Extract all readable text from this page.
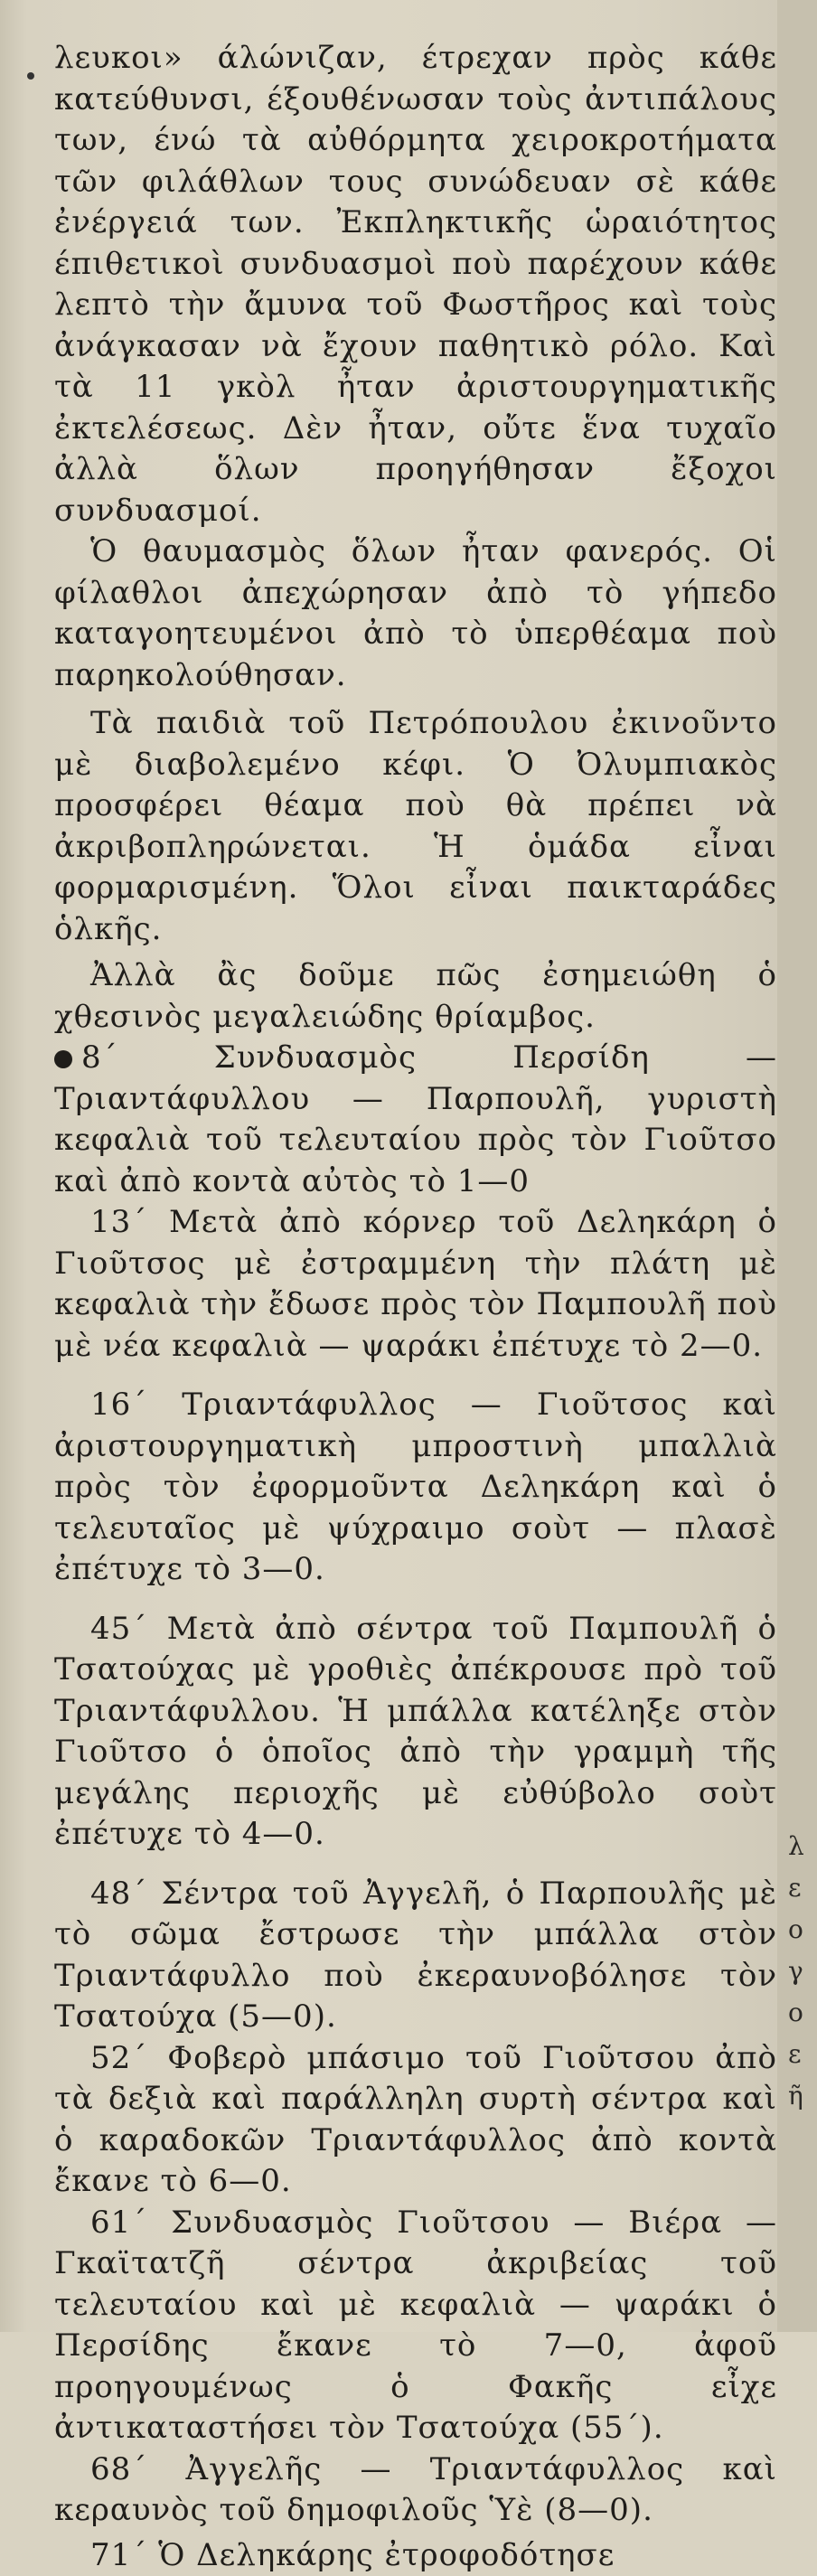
λευκοι» άλώνιζαν, έτρεχαν πρὸς κάθε κατεύθυνσι, έξουθένωσαν τοὺς ἀντιπάλους των, ένώ τὰ αὐθόρμητα χειροκροτήματα τῶν φιλάθλων τους συνώδευαν σὲ κάθε ἐνέργειά των. Ἐκπληκτικῆς ὡραιότητος έπιθετικοὶ συνδυασμοὶ ποὺ παρέχουν κάθε λεπτὸ τὴν ἄμυνα τοῦ Φωστῆρος καὶ τοὺς ἀνάγκασαν νὰ ἔχουν παθητικὸ ρόλο. Καὶ τὰ 11 γκὸλ ἦταν ἀριστουργηματικῆς ἐκτελέσεως. Δὲν ἦταν, οὔτε ἕνα τυχαῖο ἀλλὰ ὅλων προηγήθησαν ἔξοχοι συνδυασμοί.

Ὁ θαυμασμὸς ὅλων ἦταν φανερός. Οἱ φίλαθλοι ἀπεχώρησαν ἀπὸ τὸ γήπεδο καταγοητευμένοι ἀπὸ τὸ ὑπερθέαμα ποὺ παρηκολούθησαν.

Τὰ παιδιὰ τοῦ Πετρόπουλου ἐκινοῦντο μὲ διαβολεμένο κέφι. Ὁ Ὀλυμπιακὸς προσφέρει θέαμα ποὺ θὰ πρέπει νὰ ἀκριβοπληρώνεται. Ἡ ὁμάδα εἶναι φορμαρισμένη. Ὅλοι εἶναι παικταράδες ὁλκῆς.

Ἀλλὰ ἂς δοῦμε πῶς ἐσημειώθη ὁ χθεσινὸς μεγαλειώδης θρίαμβος.

8΄ Συνδυασμὸς Περσίδη — Τριαντάφυλλου — Παρπουλῆ, γυριστὴ κεφαλιὰ τοῦ τελευταίου πρὸς τὸν Γιοῦτσο καὶ ἀπὸ κοντὰ αὐτὸς τὸ 1—0

13΄ Μετὰ ἀπὸ κόρνερ τοῦ Δεληκάρη ὁ Γιοῦτσος μὲ ἐστραμμένη τὴν πλάτη μὲ κεφαλιὰ τὴν ἔδωσε πρὸς τὸν Παμπουλῆ ποὺ μὲ νέα κεφαλιὰ — ψαράκι ἐπέτυχε τὸ 2—0.

16΄ Τριαντάφυλλος — Γιοῦτσος καὶ ἀριστουργηματικὴ μπροστινὴ μπαλλιὰ πρὸς τὸν ἐφορμοῦντα Δεληκάρη καὶ ὁ τελευταῖος μὲ ψύχραιμο σοὺτ — πλασὲ ἐπέτυχε τὸ 3—0.

45΄ Μετὰ ἀπὸ σέντρα τοῦ Παμπουλῆ ὁ Τσατούχας μὲ γροθιὲς ἀπέκρουσε πρὸ τοῦ Τριαντάφυλλου. Ἡ μπάλλα κατέληξε στὸν Γιοῦτσο ὁ ὁποῖος ἀπὸ τὴν γραμμὴ τῆς μεγάλης περιοχῆς μὲ εὐθύβολο σοὺτ ἐπέτυχε τὸ 4—0.

48΄ Σέντρα τοῦ Ἀγγελῆ, ὁ Παρπουλῆς μὲ τὸ σῶμα ἔστρωσε τὴν μπάλλα στὸν Τριαντάφυλλο ποὺ ἐκεραυνοβόλησε τὸν Τσατούχα (5—0).

52΄ Φοβερὸ μπάσιμο τοῦ Γιοῦτσου ἀπὸ τὰ δεξιὰ καὶ παράλληλη συρτὴ σέντρα καὶ ὁ καραδοκῶν Τριαντάφυλλος ἀπὸ κοντὰ ἔκανε τὸ 6—0.

61΄ Συνδυασμὸς Γιοῦτσου — Βιέρα — Γκαϊτατζῆ σέντρα ἀκριβείας τοῦ τελευταίου καὶ μὲ κεφαλιὰ — ψαράκι ὁ Περσίδης ἔκανε τὸ 7—0, ἀφοῦ προηγουμένως ὁ Φακῆς εἶχε ἀντικαταστήσει τὸν Τσατούχα (55΄).

68΄ Ἀγγελῆς — Τριαντάφυλλος καὶ κεραυνὸς τοῦ δημοφιλοῦς Ὑὲ (8—0).

71΄ Ὁ Δεληκάρης ἐτροφοδότησε

λ
ε
ο
γ
ο
ε
ῆ
